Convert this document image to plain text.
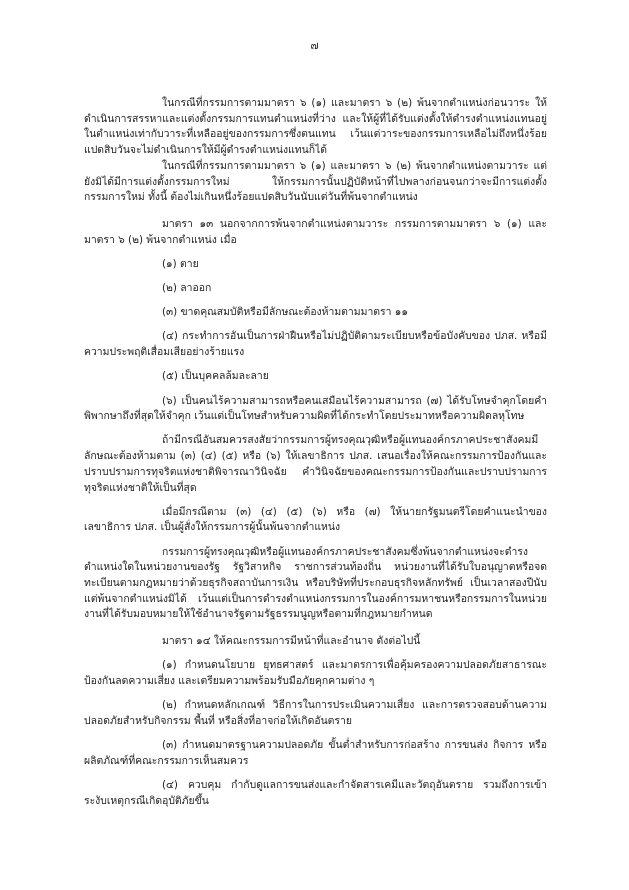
๗

ในกรณีที่กรรมการตามมาตรา ๖ (๑) และมาตรา ๖ (๒) พ้นจากตำแหน่งก่อนวาระ ให้ดำเนินการสรรหาและแต่งตั้งกรรมการแทนตำแหน่งที่ว่าง และให้ผู้ที่ได้รับแต่งตั้งให้ดำรงตำแหน่งแทนอยู่ในตำแหน่งเท่ากับวาระที่เหลืออยู่ของกรรมการซึ่งตนแทน เว้นแต่วาระของกรรมการเหลือไม่ถึงหนึ่งร้อยแปดสิบวันจะไม่ดำเนินการให้มีผู้ดำรงตำแหน่งแทนก็ได้

ในกรณีที่กรรมการตามมาตรา ๖ (๑) และมาตรา ๖ (๒) พ้นจากตำแหน่งตามวาระ แต่ยังมิได้มีการแต่งตั้งกรรมการใหม่ ให้กรรมการนั้นปฏิบัติหน้าที่ไปพลางก่อนจนกว่าจะมีการแต่งตั้งกรรมการใหม่ ทั้งนี้ ต้องไม่เกินหนึ่งร้อยแปดสิบวันนับแต่วันที่พ้นจากตำแหน่ง

มาตรา ๑๓ นอกจากการพ้นจากตำแหน่งตามวาระ กรรมการตามมาตรา ๖ (๑) และมาตรา ๖ (๒) พ้นจากตำแหน่ง เมื่อ

(๑) ตาย

(๒) ลาออก

(๓) ขาดคุณสมบัติหรือมีลักษณะต้องห้ามตามมาตรา ๑๑

(๔) กระทำการอันเป็นการฝ่าฝืนหรือไม่ปฏิบัติตามระเบียบหรือข้อบังคับของ ปภส. หรือมีความประพฤติเสื่อมเสียอย่างร้ายแรง

(๕) เป็นบุคคลล้มละลาย

(๖) เป็นคนไร้ความสามารถหรือคนเสมือนไร้ความสามารถ (๗) ได้รับโทษจำคุกโดยคำพิพากษาถึงที่สุดให้จำคุก เว้นแต่เป็นโทษสำหรับความผิดที่ได้กระทำโดยประมาทหรือความผิดลหุโทษ

ถ้ามีกรณีอันสมควรสงสัยว่ากรรมการผู้ทรงคุณวุฒิหรือผู้แทนองค์กรภาคประชาสังคมมีลักษณะต้องห้ามตาม (๓) (๔) (๕) หรือ (๖) ให้เลขาธิการ ปภส. เสนอเรื่องให้คณะกรรมการป้องกันและปราบปรามการทุจริตแห่งชาติพิจารณาวินิจฉัย คำวินิจฉัยของคณะกรรมการป้องกันและปราบปรามการทุจริตแห่งชาติให้เป็นที่สุด

เมื่อมีกรณีตาม (๓) (๔) (๕) (๖) หรือ (๗) ให้นายกรัฐมนตรีโดยคำแนะนำของเลขาธิการ ปภส. เป็นผู้สั่งให้กรรมการผู้นั้นพ้นจากตำแหน่ง

กรรมการผู้ทรงคุณวุฒิหรือผู้แทนองค์กรภาคประชาสังคมซึ่งพ้นจากตำแหน่งจะดำรงตำแหน่งใดในหน่วยงานของรัฐ รัฐวิสาหกิจ ราชการส่วนท้องถิ่น หน่วยงานที่ได้รับใบอนุญาตหรือจดทะเบียนตามกฎหมายว่าด้วยธุรกิจสถาบันการเงิน หรือบริษัทที่ประกอบธุรกิจหลักทรัพย์ เป็นเวลาสองปีนับแต่พ้นจากตำแหน่งมิได้ เว้นแต่เป็นการดำรงตำแหน่งกรรมการในองค์การมหาชนหรือกรรมการในหน่วยงานที่ได้รับมอบหมายให้ใช้อำนาจรัฐตามรัฐธรรมนูญหรือตามที่กฎหมายกำหนด

มาตรา ๑๔ ให้คณะกรรมการมีหน้าที่และอำนาจ ดังต่อไปนี้

(๑) กำหนดนโยบาย ยุทธศาสตร์ และมาตรการเพื่อคุ้มครองความปลอดภัยสาธารณะ ป้องกันลดความเสี่ยง และเตรียมความพร้อมรับมือภัยคุกคามต่าง ๆ

(๒) กำหนดหลักเกณฑ์ วิธีการในการประเมินความเสี่ยง และการตรวจสอบด้านความปลอดภัยสำหรับกิจกรรม พื้นที่ หรือสิ่งที่อาจก่อให้เกิดอันตราย

(๓) กำหนดมาตรฐานความปลอดภัย ขั้นต่ำสำหรับการก่อสร้าง การขนส่ง กิจการ หรือผลิตภัณฑ์ที่คณะกรรมการเห็นสมควร

(๔) ควบคุม กำกับดูแลการขนส่งและกำจัดสารเคมีและวัตถุอันตราย รวมถึงการเข้าระงับเหตุกรณีเกิดอุบัติภัยขึ้น
